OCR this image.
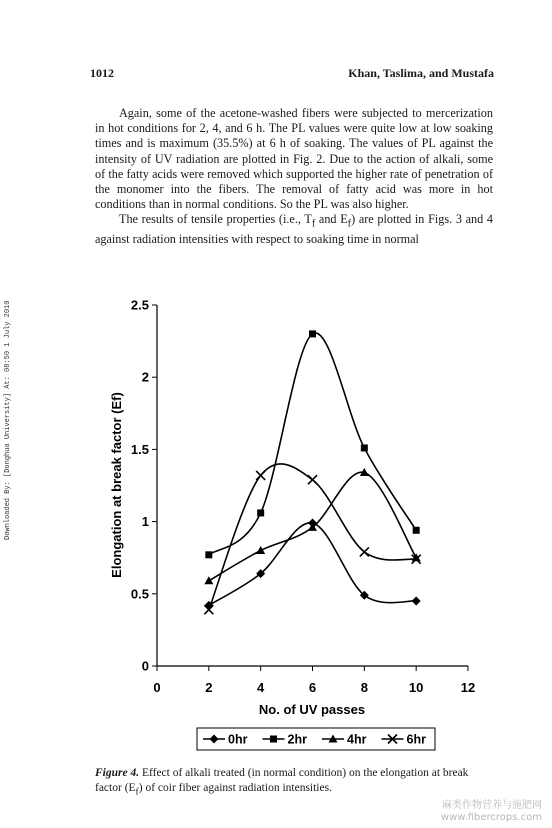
1012	Khan, Taslima, and Mustafa

Again, some of the acetone-washed fibers were subjected to mercerization in hot conditions for 2, 4, and 6 h. The PL values were quite low at low soaking times and is maximum (35.5%) at 6 h of soaking. The values of PL against the intensity of UV radiation are plotted in Fig. 2. Due to the action of alkali, some of the fatty acids were removed which supported the higher rate of penetration of the monomer into the fibers. The removal of fatty acid was more in hot conditions than in normal conditions. So the PL was also higher.

The results of tensile properties (i.e., $T_f$ and $E_f$) are plotted in Figs. 3 and 4 against radiation intensities with respect to soaking time in normal

Downloaded By: [Donghua University] At: 08:50 1 July 2010
0
0.5
1
1.5
2
2.5
0	2	4	6	8	10	12
Elongation at break factor (Ef)
No. of UV passes
0hr	2hr	4hr	6hr
Figure 4. Effect of alkali treated (in normal condition) on the elongation at break factor $(E_f)$ of coir fiber against radiation intensities.
麻类作物营养与施肥网
www.fibercrops.com
